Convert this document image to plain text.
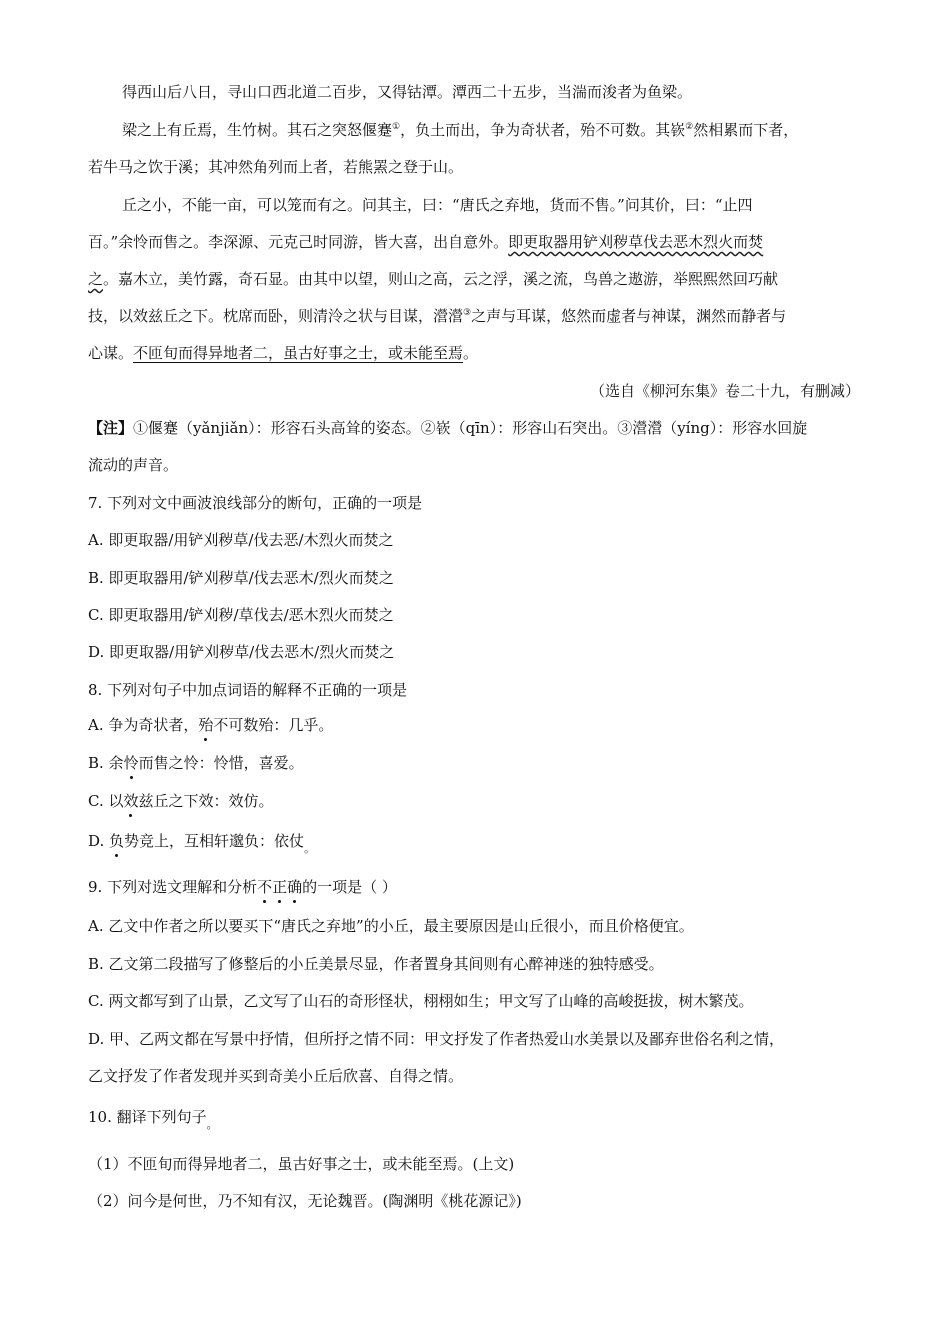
得西山后八日，寻山口西北道二百步，又得钴潭。潭西二十五步，当湍而浚者为鱼梁。
梁之上有丘焉，生竹树。其石之突怒偃蹇①，负土而出，争为奇状者，殆不可数。其嵚②然相累而下者，
若牛马之饮于溪；其冲然角列而上者，若熊罴之登于山。
丘之小，不能一亩，可以笼而有之。问其主，曰：“唐氏之弃地，货而不售。”问其价，曰：“止四
百。”余怜而售之。李深源、元克己时同游，皆大喜，出自意外。即更取器用铲刈秽草伐去恶木烈火而焚
之。嘉木立，美竹露，奇石显。由其中以望，则山之高，云之浮，溪之流，鸟兽之遨游，举熙熙然回巧献
技，以效兹丘之下。枕席而卧，则清泠之状与目谋，瀯瀯③之声与耳谋，悠然而虚者与神谋，渊然而静者与
心谋。不匝旬而得异地者二，虽古好事之士，或未能至焉。
（选自《柳河东集》卷二十九，有删减）
【注】①偃蹇（yǎnjiǎn）：形容石头高耸的姿态。②嵚（qīn）：形容山石突出。③瀯瀯（yíng）：形容水回旋
流动的声音。
7. 下列对文中画波浪线部分的断句，正确的一项是
A. 即更取器/用铲刈秽草/伐去恶/木烈火而焚之
B. 即更取器用/铲刈秽草/伐去恶木/烈火而焚之
C. 即更取器用/铲刈秽/草伐去/恶木烈火而焚之
D. 即更取器/用铲刈秽草/伐去恶木/烈火而焚之
8. 下列对句子中加点词语的解释不正确的一项是
A. 争为奇状者，殆不可数殆：几乎。
B. 余怜而售之怜：怜惜，喜爱。
C. 以效兹丘之下效：效仿。
D. 负势竞上，互相轩邈负：依仗$_。$
9. 下列对选文理解和分析不正确的一项是（ ）
A. 乙文中作者之所以要买下“唐氏之弃地”的小丘，最主要原因是山丘很小，而且价格便宜。
B. 乙文第二段描写了修整后的小丘美景尽显，作者置身其间则有心醉神迷的独特感受。
C. 两文都写到了山景，乙文写了山石的奇形怪状，栩栩如生；甲文写了山峰的高峻挺拔，树木繁茂。
D. 甲、乙两文都在写景中抒情，但所抒之情不同：甲文抒发了作者热爱山水美景以及鄙弃世俗名利之情，
乙文抒发了作者发现并买到奇美小丘后欣喜、自得之情。
10. 翻译下列句子$_。$
（1）不匝旬而得异地者二，虽古好事之士，或未能至焉。(上文)
（2）问今是何世，乃不知有汉，无论魏晋。(陶渊明《桃花源记》)
